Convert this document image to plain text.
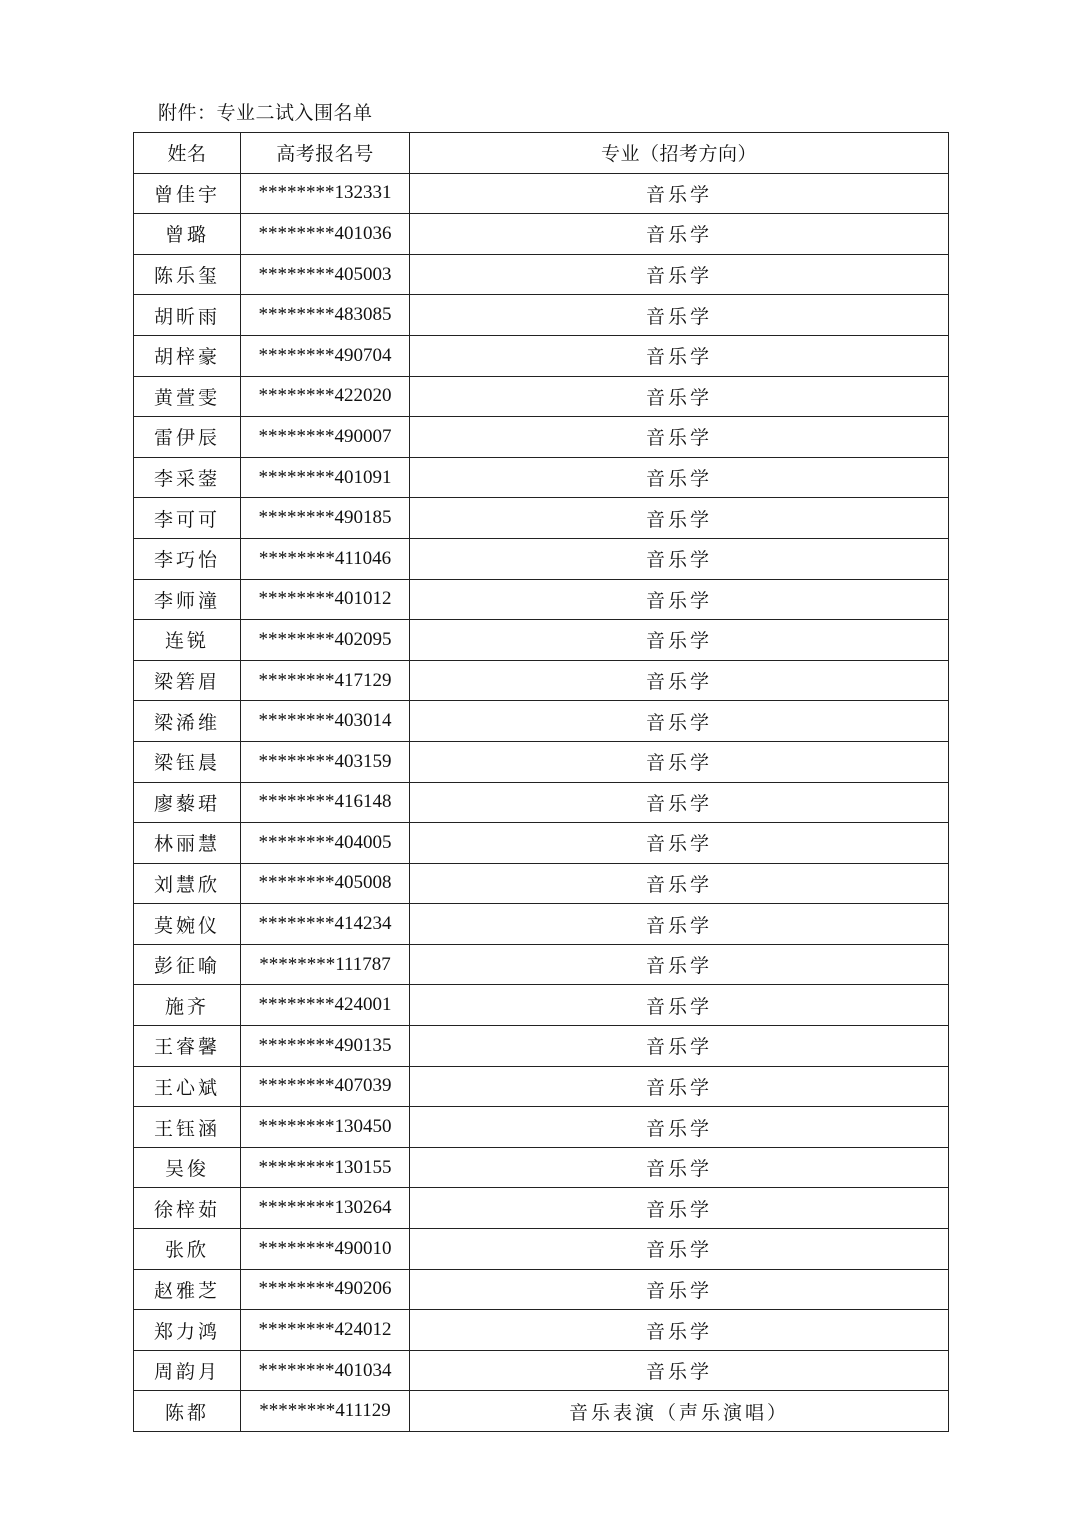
附件：专业二试入围名单
姓名	高考报名号	专业（招考方向）
曾佳宇	********132331	音乐学
曾璐	********401036	音乐学
陈乐玺	********405003	音乐学
胡昕雨	********483085	音乐学
胡梓豪	********490704	音乐学
黄萱雯	********422020	音乐学
雷伊辰	********490007	音乐学
李采蓥	********401091	音乐学
李可可	********490185	音乐学
李巧怡	********411046	音乐学
李师潼	********401012	音乐学
连锐	********402095	音乐学
梁箬眉	********417129	音乐学
梁浠维	********403014	音乐学
梁钰晨	********403159	音乐学
廖藜珺	********416148	音乐学
林丽慧	********404005	音乐学
刘慧欣	********405008	音乐学
莫婉仪	********414234	音乐学
彭征喻	********111787	音乐学
施齐	********424001	音乐学
王睿馨	********490135	音乐学
王心斌	********407039	音乐学
王钰涵	********130450	音乐学
吴俊	********130155	音乐学
徐梓茹	********130264	音乐学
张欣	********490010	音乐学
赵雅芝	********490206	音乐学
郑力鸿	********424012	音乐学
周韵月	********401034	音乐学
陈都	********411129	音乐表演（声乐演唱）
